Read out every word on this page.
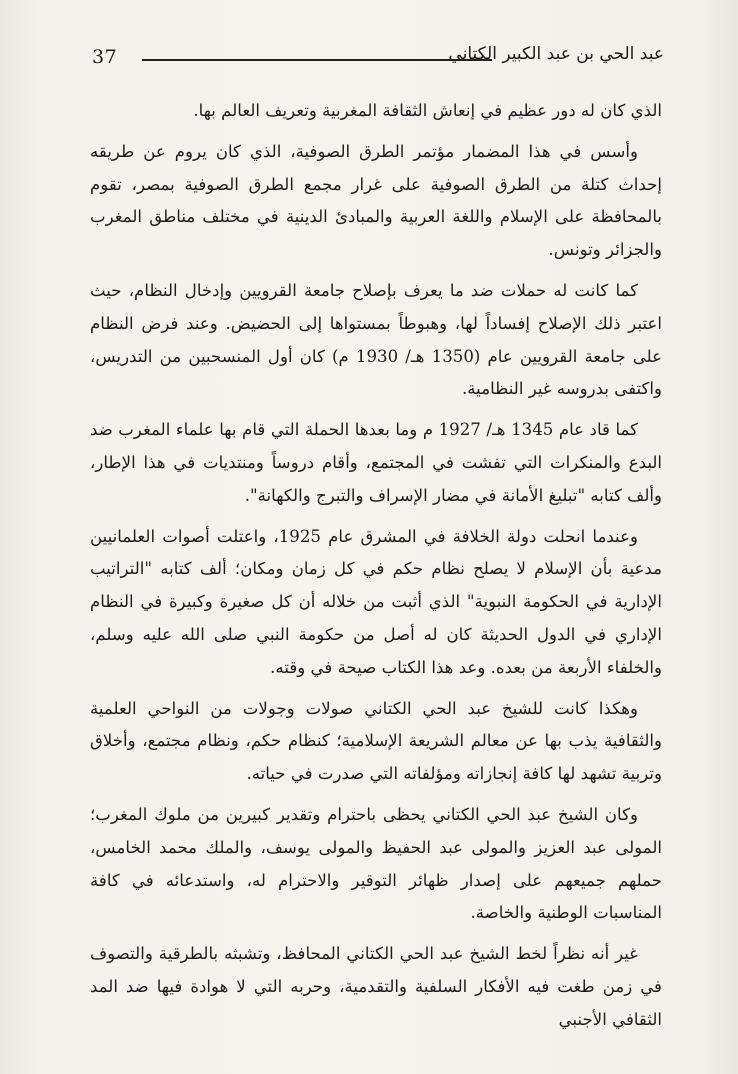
37	عبد الحي بن عبد الكبير الكتاني

الذي كان له دور عظيم في إنعاش الثقافة المغربية وتعريف العالم بها.

وأسس في هذا المضمار مؤتمر الطرق الصوفية، الذي كان يروم عن طريقه إحداث كتلة من الطرق الصوفية على غرار مجمع الطرق الصوفية بمصر، تقوم بالمحافظة على الإسلام واللغة العربية والمبادئ الدينية في مختلف مناطق المغرب والجزائر وتونس.

كما كانت له حملات ضد ما يعرف بإصلاح جامعة القرويين وإدخال النظام، حيث اعتبر ذلك الإصلاح إفساداً لها، وهبوطاً بمستواها إلى الحضيض. وعند فرض النظام على جامعة القرويين عام (1350 هـ/ 1930 م) كان أول المنسحبين من التدريس، واكتفى بدروسه غير النظامية.

كما قاد عام 1345 هـ/ 1927 م وما بعدها الحملة التي قام بها علماء المغرب ضد البدع والمنكرات التي تفشت في المجتمع، وأقام دروساً ومنتديات في هذا الإطار، وألف كتابه "تبليغ الأمانة في مضار الإسراف والتبرج والكهانة".

وعندما انحلت دولة الخلافة في المشرق عام 1925، واعتلت أصوات العلمانيين مدعية بأن الإسلام لا يصلح نظام حكم في كل زمان ومكان؛ ألف كتابه "التراتيب الإدارية في الحكومة النبوية" الذي أثبت من خلاله أن كل صغيرة وكبيرة في النظام الإداري في الدول الحديثة كان له أصل من حكومة النبي صلى الله عليه وسلم، والخلفاء الأربعة من بعده. وعد هذا الكتاب صيحة في وقته.

وهكذا كانت للشيخ عبد الحي الكتاني صولات وجولات من النواحي العلمية والثقافية يذب بها عن معالم الشريعة الإسلامية؛ كنظام حكم، ونظام مجتمع، وأخلاق وتربية تشهد لها كافة إنجازاته ومؤلفاته التي صدرت في حياته.

وكان الشيخ عبد الحي الكتاني يحظى باحترام وتقدير كبيرين من ملوك المغرب؛ المولى عبد العزيز والمولى عبد الحفيظ والمولى يوسف، والملك محمد الخامس، حملهم جميعهم على إصدار ظهائر التوقير والاحترام له، واستدعائه في كافة المناسبات الوطنية والخاصة.

غير أنه نظراً لخط الشيخ عبد الحي الكتاني المحافظ، وتشبثه بالطرقية والتصوف في زمن طغت فيه الأفكار السلفية والتقدمية، وحربه التي لا هوادة فيها ضد المد الثقافي الأجنبي
